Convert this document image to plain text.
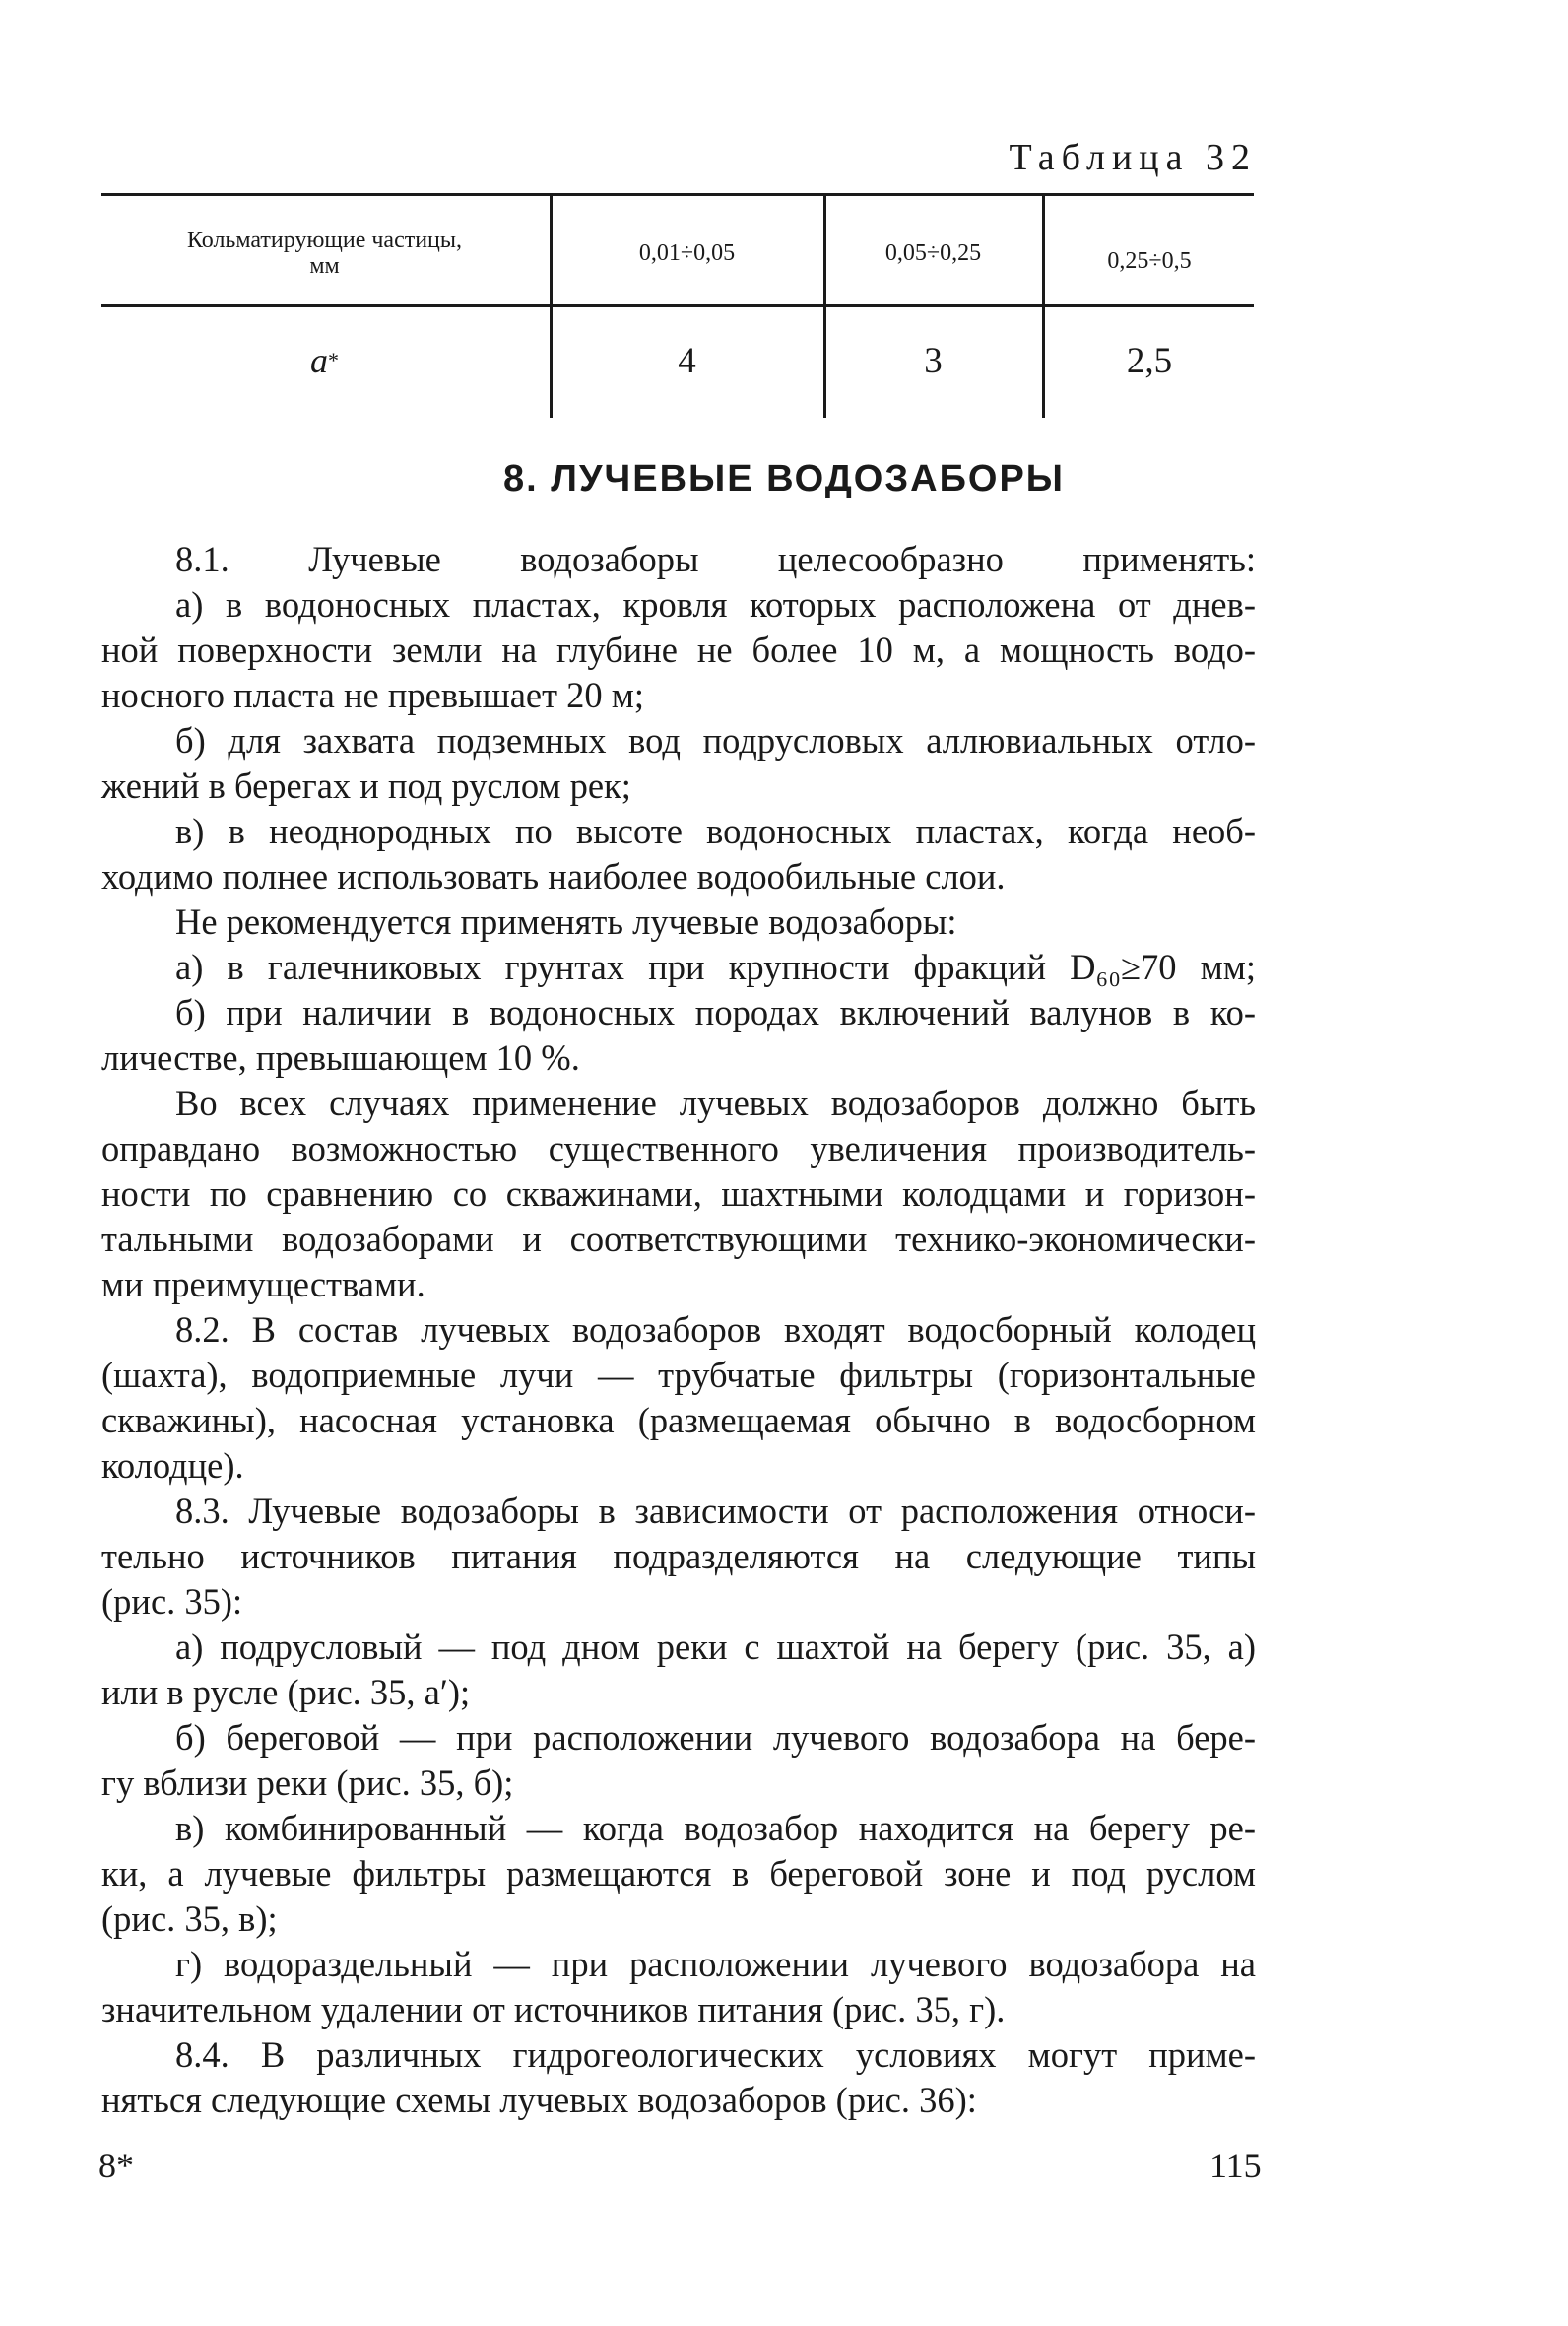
Таблица 32
Кольматирующие частицы,
мм	0,01÷0,05	0,05÷0,25	0,25÷0,5
a *	4	3	2,5
8. ЛУЧЕВЫЕ ВОДОЗАБОРЫ
8.1. Лучевые водозаборы целесообразно применять:
а) в водоносных пластах, кровля которых расположена от днев-
ной поверхности земли на глубине не более 10 м, а мощность водо-
носного пласта не превышает 20 м;
б) для захвата подземных вод подрусловых аллювиальных отло-
жений в берегах и под руслом рек;
в) в неоднородных по высоте водоносных пластах, когда необ-
ходимо полнее использовать наиболее водообильные слои.
Не рекомендуется применять лучевые водозаборы:
а) в галечниковых грунтах при крупности фракций D₆₀≥70 мм;
б) при наличии в водоносных породах включений валунов в ко-
личестве, превышающем 10 %.
Во всех случаях применение лучевых водозаборов должно быть
оправдано возможностью существенного увеличения производитель-
ности по сравнению со скважинами, шахтными колодцами и горизон-
тальными водозаборами и соответствующими технико-экономически-
ми преимуществами.
8.2. В состав лучевых водозаборов входят водосборный колодец
(шахта), водоприемные лучи — трубчатые фильтры (горизонтальные
скважины), насосная установка (размещаемая обычно в водосборном
колодце).
8.3. Лучевые водозаборы в зависимости от расположения относи-
тельно источников питания подразделяются на следующие типы
(рис. 35):
а) подрусловый — под дном реки с шахтой на берегу (рис. 35, а)
или в русле (рис. 35, а′);
б) береговой — при расположении лучевого водозабора на бере-
гу вблизи реки (рис. 35, б);
в) комбинированный — когда водозабор находится на берегу ре-
ки, а лучевые фильтры размещаются в береговой зоне и под руслом
(рис. 35, в);
г) водораздельный — при расположении лучевого водозабора на
значительном удалении от источников питания (рис. 35, г).
8.4. В различных гидрогеологических условиях могут приме-
няться следующие схемы лучевых водозаборов (рис. 36):
8*	115
